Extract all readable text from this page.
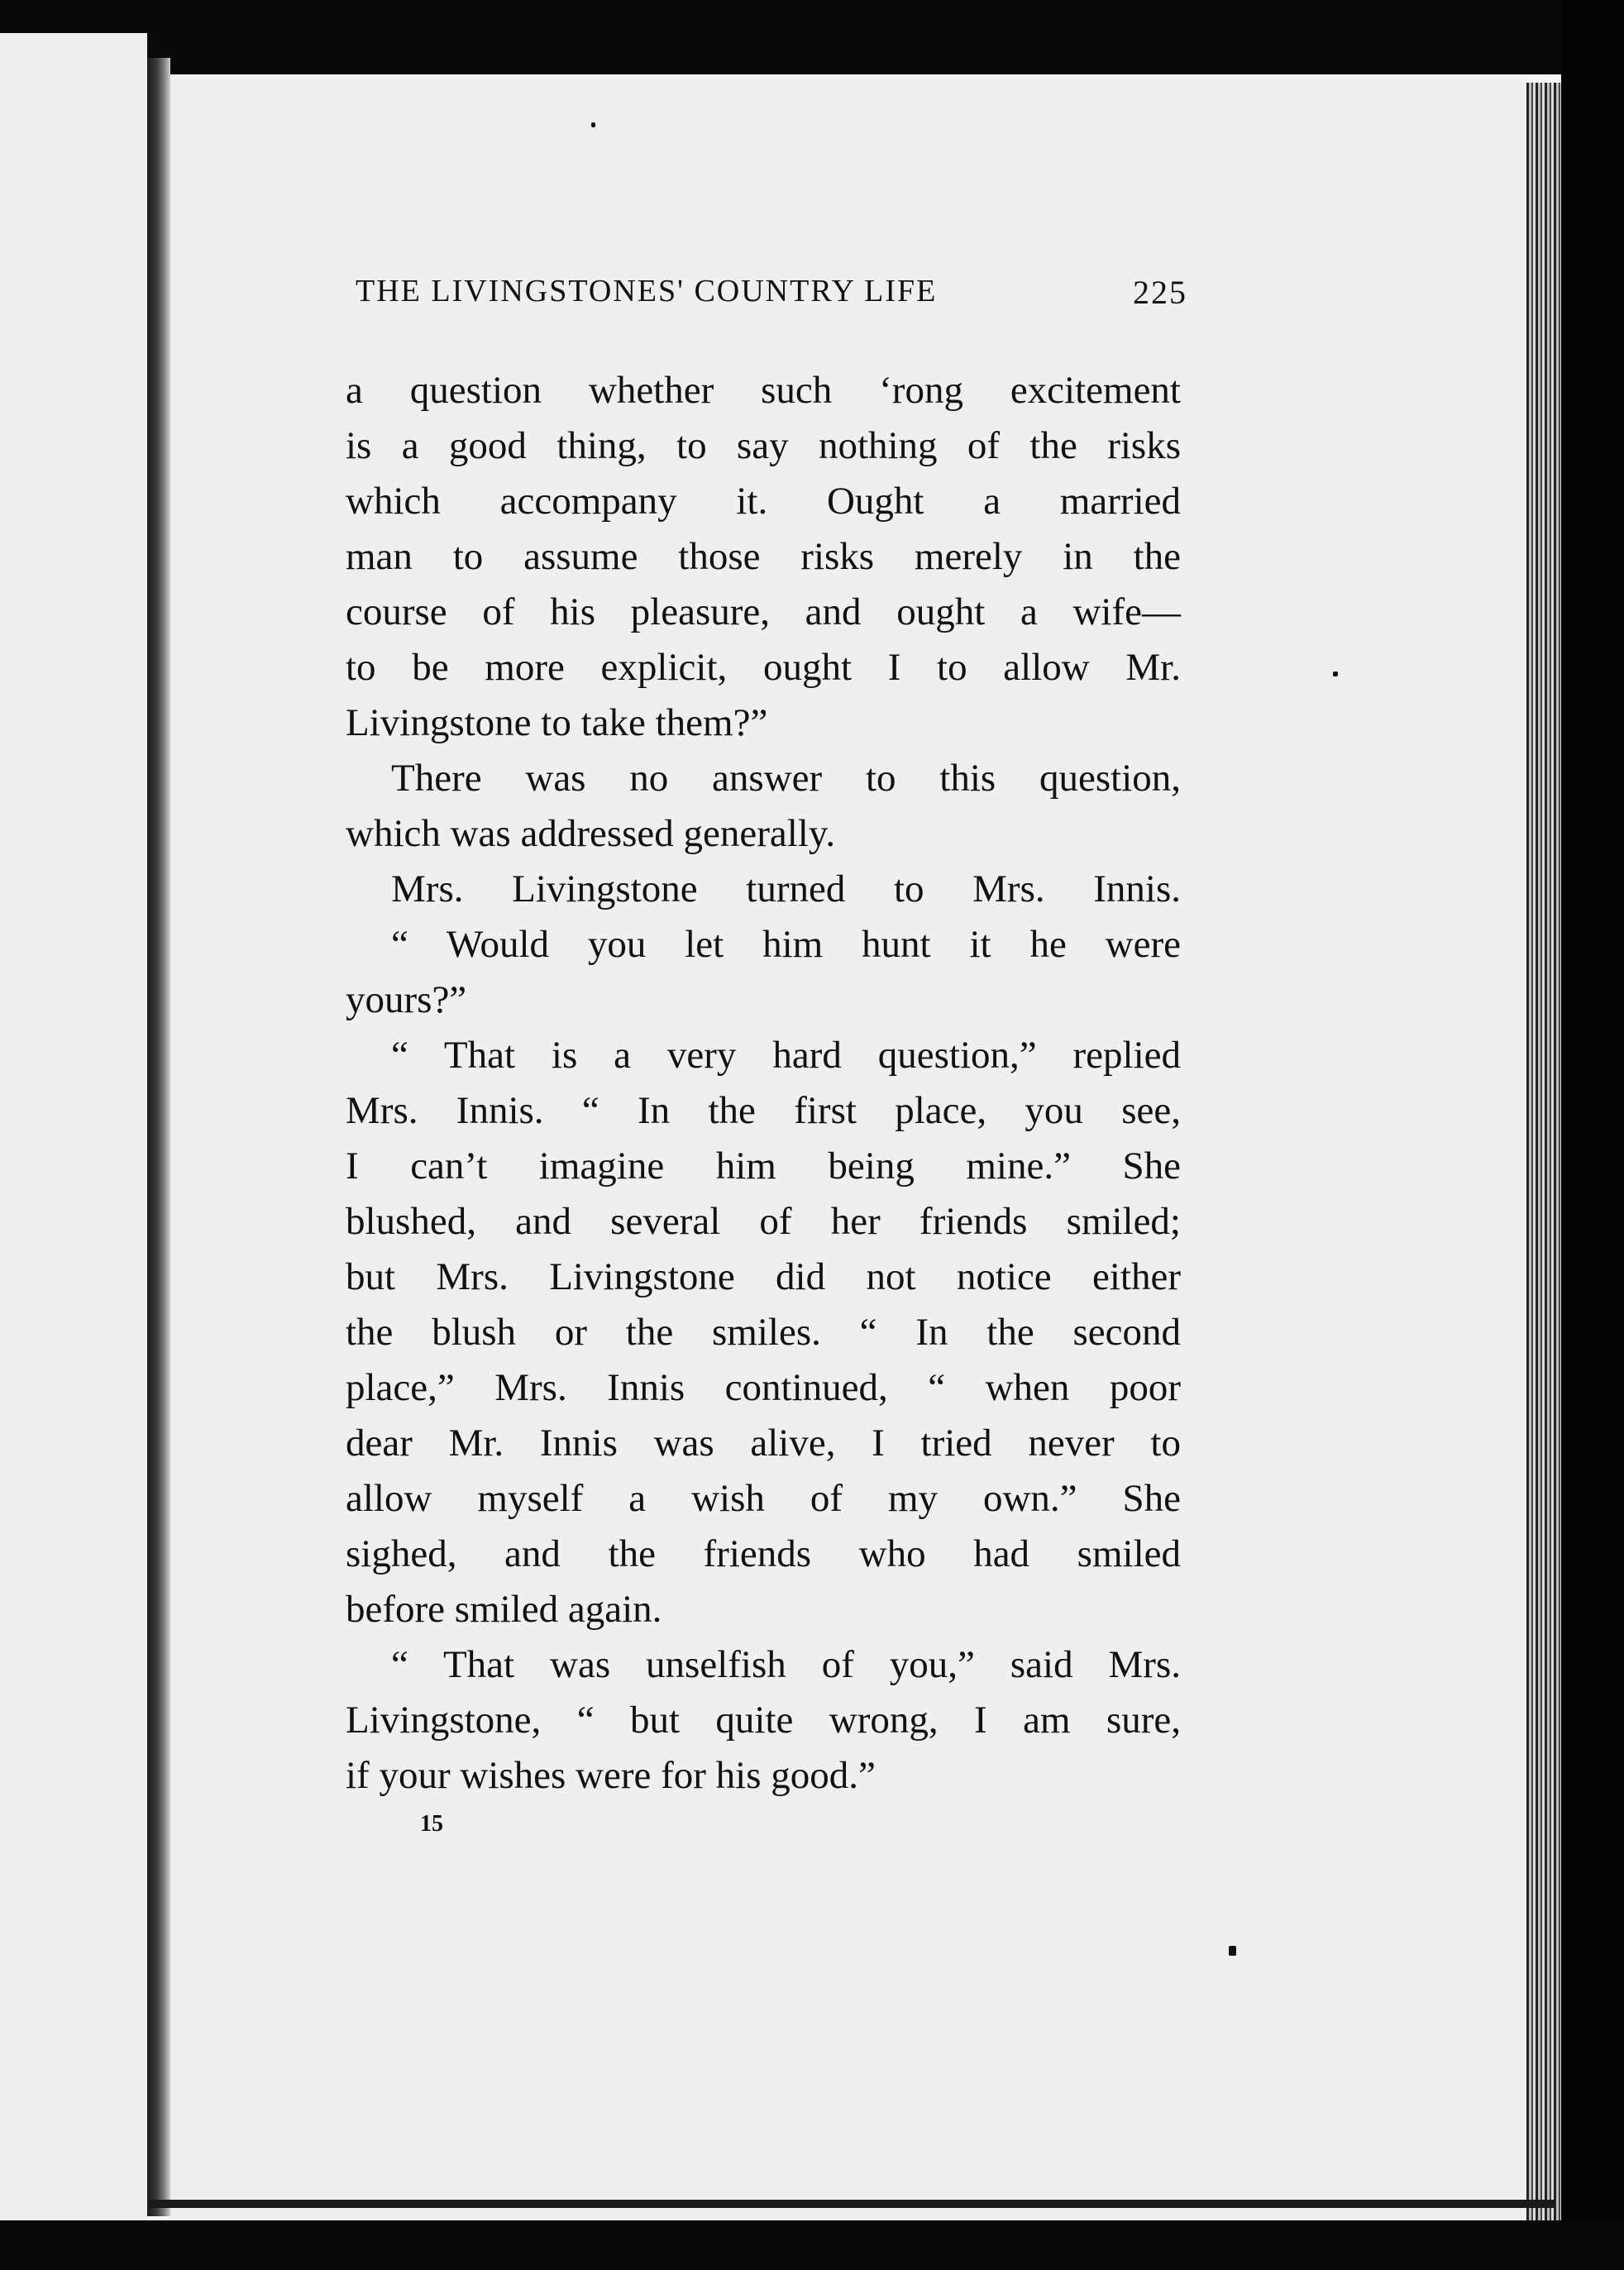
THE LIVINGSTONES' COUNTRY LIFE	225
a question whether such ‘rong excitement
is a good thing, to say nothing of the risks
which accompany it. Ought a married
man to assume those risks merely in the
course of his pleasure, and ought a wife—
to be more explicit, ought I to allow Mr.
Livingstone to take them?”
There was no answer to this question,
which was addressed generally.
Mrs. Livingstone turned to Mrs. Innis.
“ Would you let him hunt it he were
yours?”
“ That is a very hard question,” replied
Mrs. Innis. “ In the first place, you see,
I can’t imagine him being mine.” She
blushed, and several of her friends smiled;
but Mrs. Livingstone did not notice either
the blush or the smiles. “ In the second
place,” Mrs. Innis continued, “ when poor
dear Mr. Innis was alive, I tried never to
allow myself a wish of my own.” She
sighed, and the friends who had smiled
before smiled again.
“ That was unselfish of you,” said Mrs.
Livingstone, “ but quite wrong, I am sure,
if your wishes were for his good.”
15
